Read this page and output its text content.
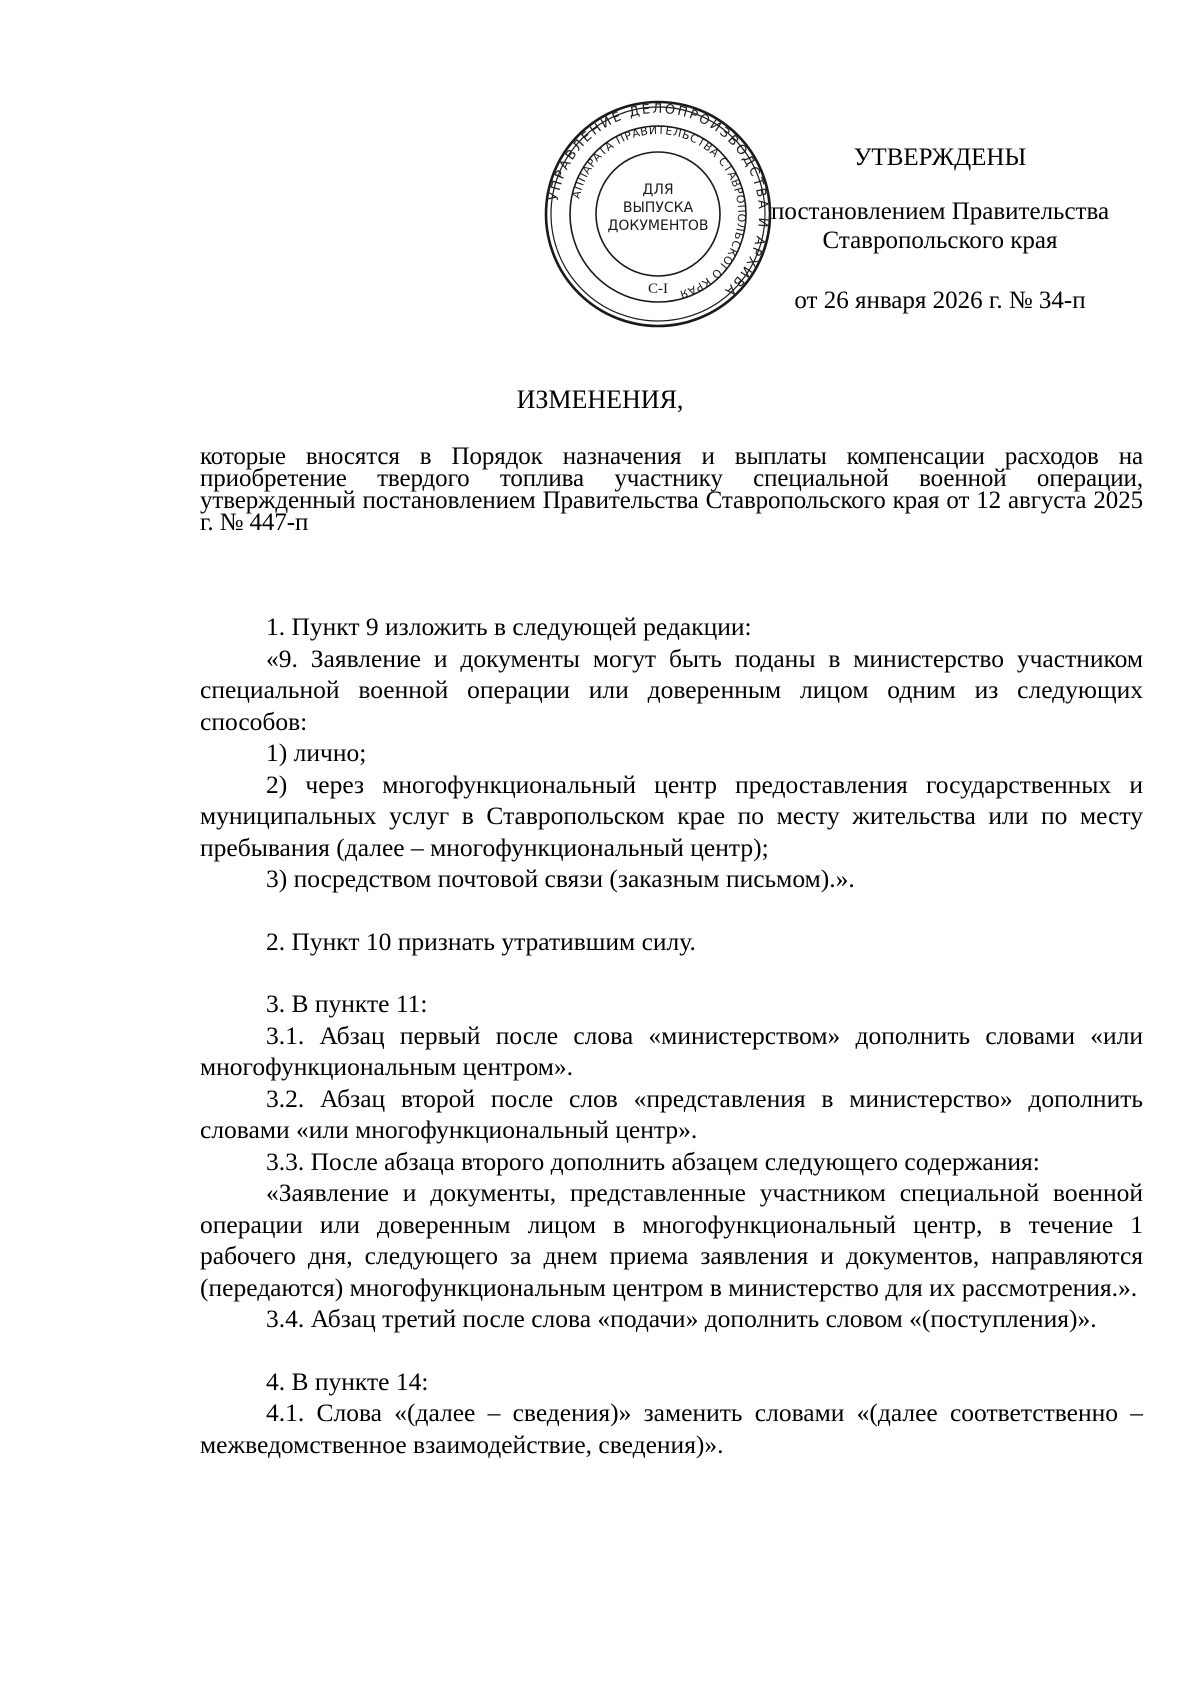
УПРАВЛЕНИЕ ДЕЛОПРОИЗВОДСТВА И АРХИВА
АППАРАТА ПРАВИТЕЛЬСТВА СТАВРОПОЛЬСКОГО КРАЯ
ДЛЯ
ВЫПУСКА
ДОКУМЕНТОВ
С-I

УТВЕРЖДЕНЫ

постановлением Правительства

Ставропольского края

от 26 января 2026 г. № 34-п

ИЗМЕНЕНИЯ,

которые вносятся в Порядок назначения и выплаты компенсации расходов на приобретение твердого топлива участнику специальной военной операции, утвержденный постановлением Правительства Ставропольского края от 12 августа 2025 г. № 447-п

1. Пункт 9 изложить в следующей редакции:

«9. Заявление и документы могут быть поданы в министерство участником специальной военной операции или доверенным лицом одним из следующих способов:

1) лично;

2) через многофункциональный центр предоставления государственных и муниципальных услуг в Ставропольском крае по месту жительства или по месту пребывания (далее – многофункциональный центр);

3) посредством почтовой связи (заказным письмом).».

2. Пункт 10 признать утратившим силу.

3. В пункте 11:

3.1. Абзац первый после слова «министерством» дополнить словами «или многофункциональным центром».

3.2. Абзац второй после слов «представления в министерство» дополнить словами «или многофункциональный центр».

3.3. После абзаца второго дополнить абзацем следующего содержания:

«Заявление и документы, представленные участником специальной военной операции или доверенным лицом в многофункциональный центр, в течение 1 рабочего дня, следующего за днем приема заявления и документов, направляются (передаются) многофункциональным центром в министерство для их рассмотрения.».

3.4. Абзац третий после слова «подачи» дополнить словом «(поступления)».

4. В пункте 14:

4.1. Слова «(далее – сведения)» заменить словами «(далее соответственно – межведомственное взаимодействие, сведения)».
